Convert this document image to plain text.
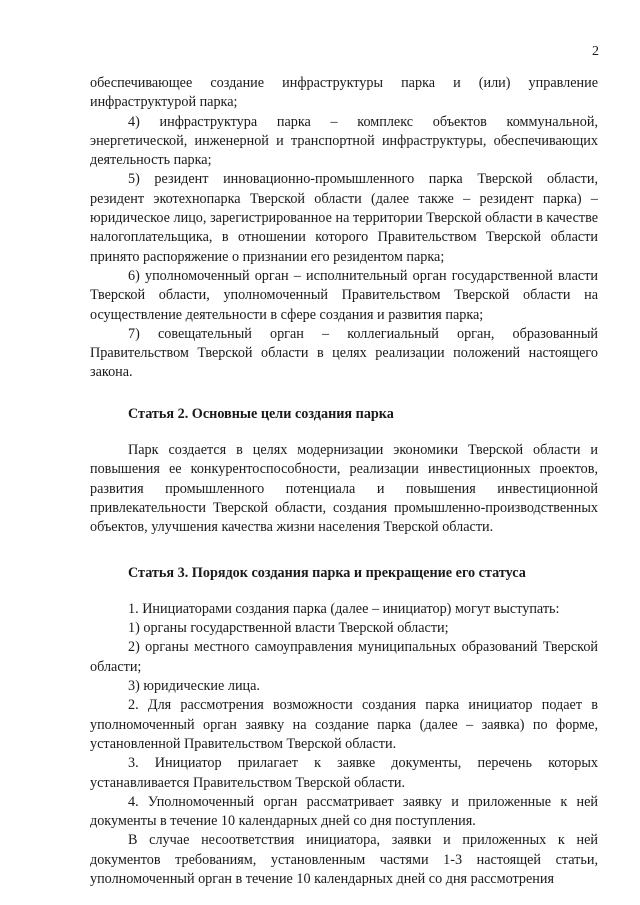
2

обеспечивающее создание инфраструктуры парка и (или) управление инфраструктурой парка;

4) инфраструктура парка – комплекс объектов коммунальной, энергетической, инженерной и транспортной инфраструктуры, обеспечивающих деятельность парка;

5) резидент инновационно-промышленного парка Тверской области, резидент экотехнопарка Тверской области (далее также – резидент парка) – юридическое лицо, зарегистрированное на территории Тверской области в качестве налогоплательщика, в отношении которого Правительством Тверской области принято распоряжение о признании его резидентом парка;

6) уполномоченный орган – исполнительный орган государственной власти Тверской области, уполномоченный Правительством Тверской области на осуществление деятельности в сфере создания и развития парка;

7) совещательный орган – коллегиальный орган, образованный Правительством Тверской области в целях реализации положений настоящего закона.

Статья 2. Основные цели создания парка

Парк создается в целях модернизации экономики Тверской области и повышения ее конкурентоспособности, реализации инвестиционных проектов, развития промышленного потенциала и повышения инвестиционной привлекательности Тверской области, создания промышленно-производственных объектов, улучшения качества жизни населения Тверской области.

Статья 3. Порядок создания парка и прекращение его статуса

1. Инициаторами создания парка (далее – инициатор) могут выступать:

1) органы государственной власти Тверской области;

2) органы местного самоуправления муниципальных образований Тверской области;

3) юридические лица.

2. Для рассмотрения возможности создания парка инициатор подает в уполномоченный орган заявку на создание парка (далее – заявка) по форме, установленной Правительством Тверской области.

3. Инициатор прилагает к заявке документы, перечень которых устанавливается Правительством Тверской области.

4. Уполномоченный орган рассматривает заявку и приложенные к ней документы в течение 10 календарных дней со дня поступления.

В случае несоответствия инициатора, заявки и приложенных к ней документов требованиям, установленным частями 1-3 настоящей статьи, уполномоченный орган в течение 10 календарных дней со дня рассмотрения
